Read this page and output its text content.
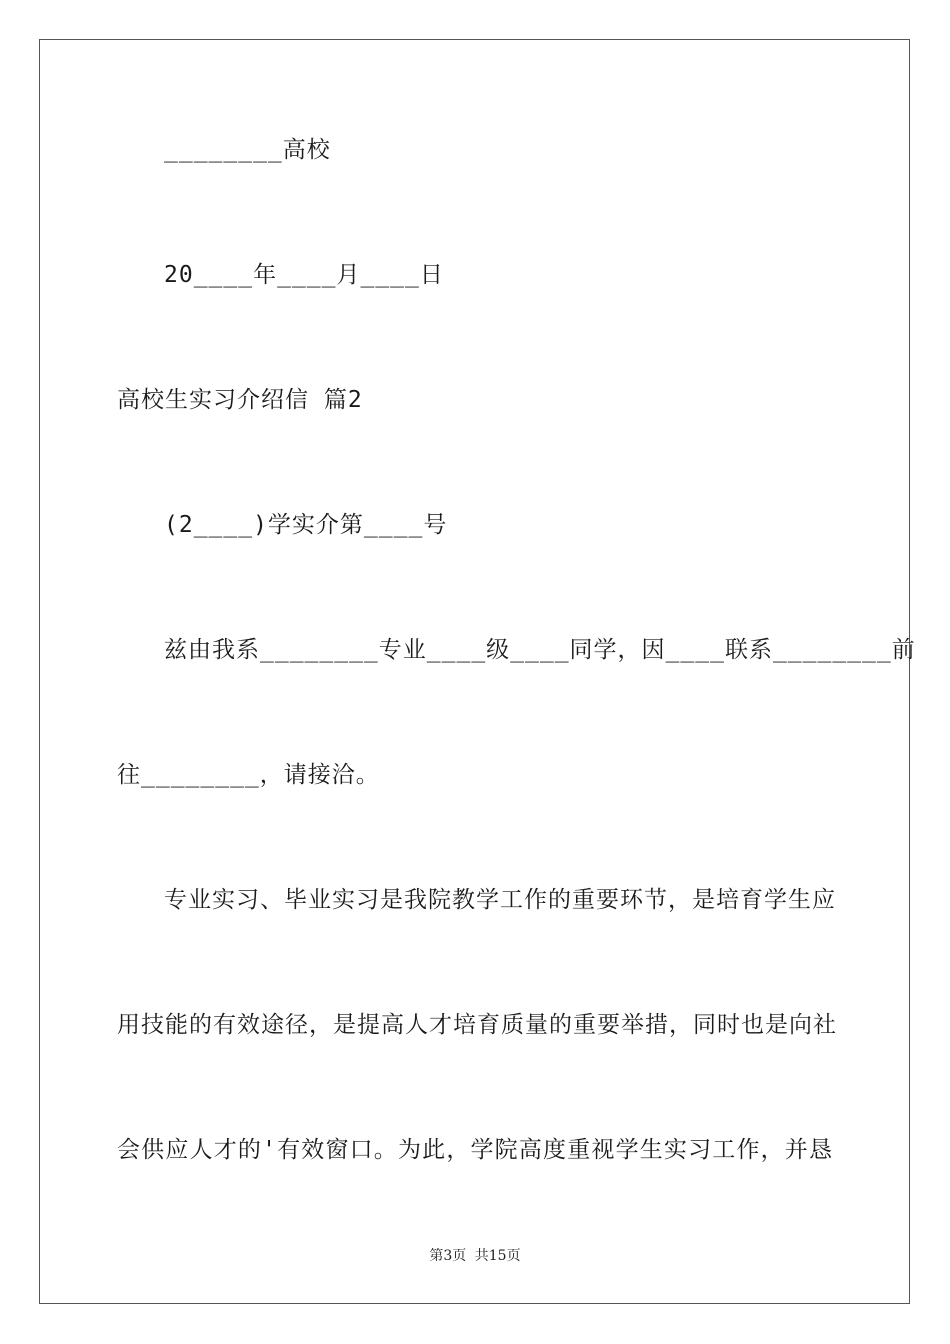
________高校
20____年____月____日
高校生实习介绍信 篇2
(2____)学实介第____号
兹由我系________专业____级____同学，因____联系________前
往________，请接洽。
专业实习、毕业实习是我院教学工作的重要环节，是培育学生应
用技能的有效途径，是提高人才培育质量的重要举措，同时也是向社
会供应人才的'有效窗口。为此，学院高度重视学生实习工作，并恳
第3页 共15页
